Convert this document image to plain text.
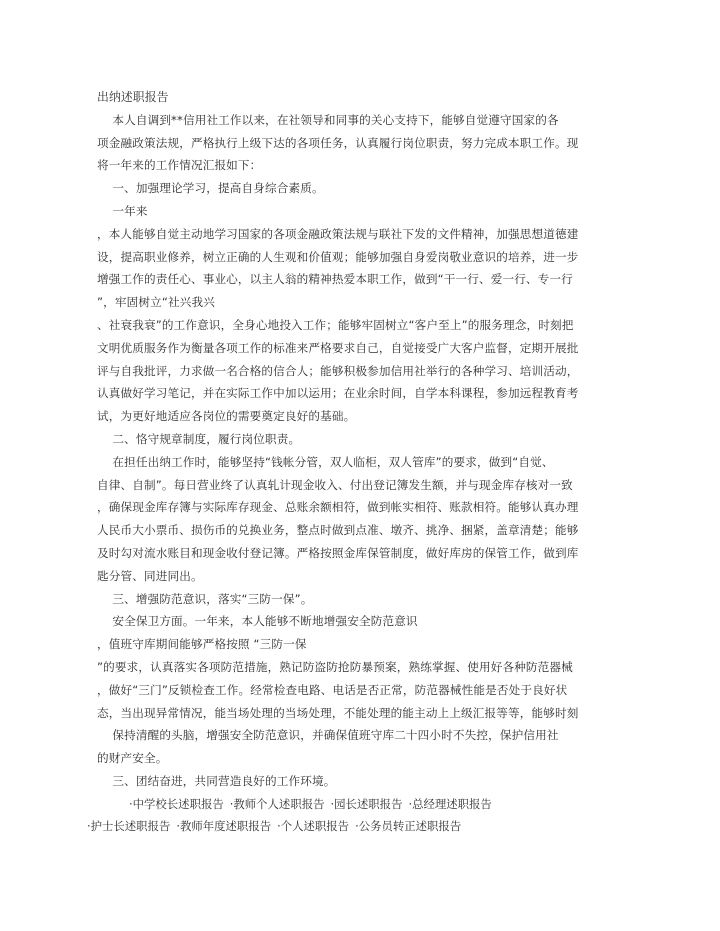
出纳述职报告
本人自调到**信用社工作以来，在社领导和同事的关心支持下，能够自觉遵守国家的各
项金融政策法规，严格执行上级下达的各项任务，认真履行岗位职责，努力完成本职工作。现
将一年来的工作情况汇报如下：
一、加强理论学习，提高自身综合素质。
一年来
，本人能够自觉主动地学习国家的各项金融政策法规与联社下发的文件精神，加强思想道德建
设，提高职业修养，树立正确的人生观和价值观；能够加强自身爱岗敬业意识的培养，进一步
增强工作的责任心、事业心，以主人翁的精神热爱本职工作，做到“干一行、爱一行、专一行
”，牢固树立“社兴我兴
、社衰我衰”的工作意识，全身心地投入工作；能够牢固树立“客户至上”的服务理念，时刻把
文明优质服务作为衡量各项工作的标准来严格要求自己，自觉接受广大客户监督，定期开展批
评与自我批评，力求做一名合格的信合人；能够积极参加信用社举行的各种学习、培训活动，
认真做好学习笔记，并在实际工作中加以运用；在业余时间，自学本科课程，参加远程教育考
试，为更好地适应各岗位的需要奠定良好的基础。
二、恪守规章制度，履行岗位职责。
在担任出纳工作时，能够坚持“钱帐分管，双人临柜，双人管库”的要求，做到“自觉、
自律、自制”。每日营业终了认真轧计现金收入、付出登记簿发生额，并与现金库存核对一致
，确保现金库存簿与实际库存现金、总账余额相符，做到帐实相符、账款相符。能够认真办理
人民币大小票币、损伤币的兑换业务，整点时做到点准、墩齐、挑净、捆紧，盖章清楚；能够
及时勾对流水账目和现金收付登记簿。严格按照金库保管制度，做好库房的保管工作，做到库
匙分管、同进同出。
三、增强防范意识，落实“三防一保”。
安全保卫方面。一年来，本人能够不断地增强安全防范意识
，值班守库期间能够严格按照 “三防一保
”的要求，认真落实各项防范措施，熟记防盗防抢防暴预案，熟练掌握、使用好各种防范器械
，做好“三门”反锁检查工作。经常检查电路、电话是否正常，防范器械性能是否处于良好状
态，当出现异常情况，能当场处理的当场处理，不能处理的能主动上上级汇报等等，能够时刻
保持清醒的头脑，增强安全防范意识，并确保值班守库二十四小时不失控，保护信用社
的财产安全。
三、团结奋进，共同营造良好的工作环境。
·中学校长述职报告 ·教师个人述职报告 ·园长述职报告 ·总经理述职报告
·护士长述职报告 ·教师年度述职报告 ·个人述职报告 ·公务员转正述职报告
